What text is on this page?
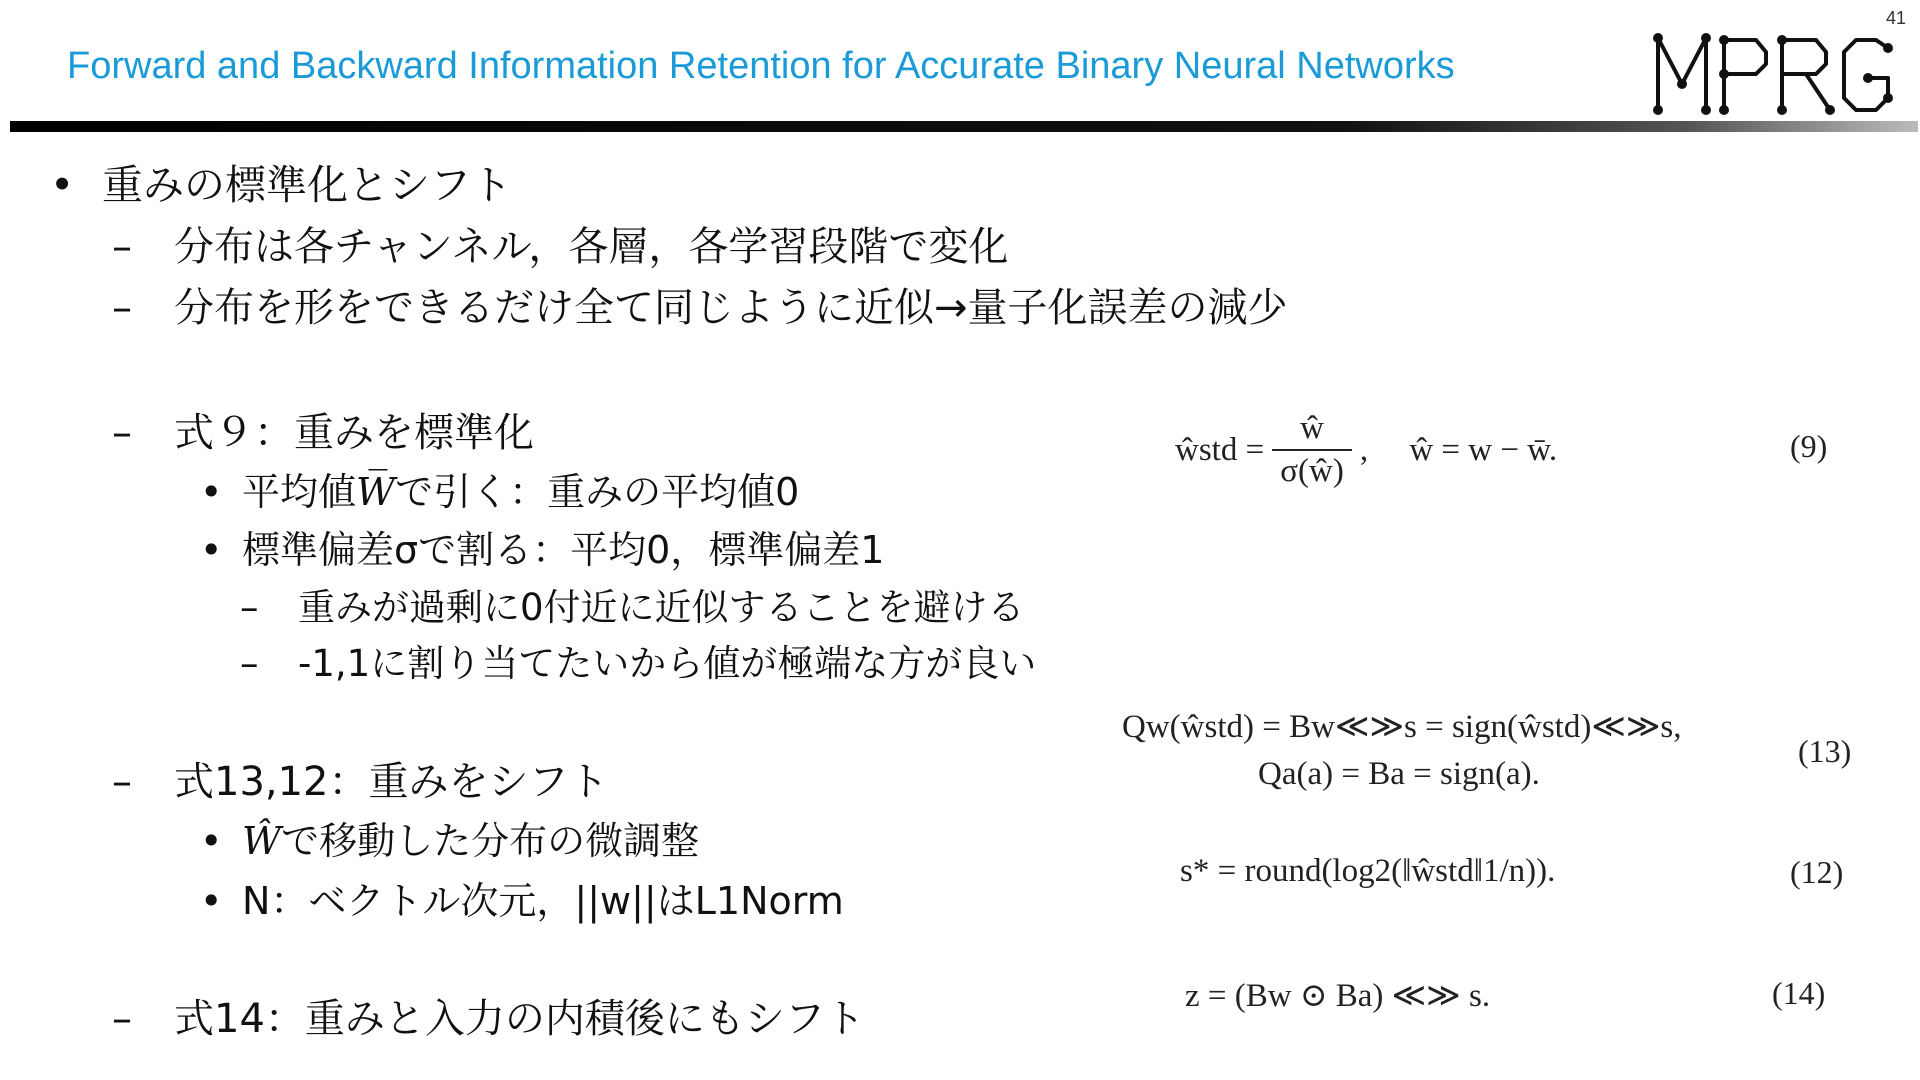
41
Forward and Backward Information Retention for Accurate Binary Neural Networks
• 重みの標準化とシフト
– 分布は各チャンネル，各層，各学習段階で変化
– 分布を形をできるだけ全て同じように近似→量子化誤差の減少
– 式９：重みを標準化
• 平均値W̅で引く：重みの平均値0
• 標準偏差σで割る：平均0，標準偏差1
– 重みが過剰に0付近に近似することを避ける
– -1,1に割り当てたいから値が極端な方が良い
– 式13,12：重みをシフト
• Ŵで移動した分布の微調整
• N：ベクトル次元，||w||はL1Norm
– 式14：重みと入力の内積後にもシフト
ŵstd =
ŵ
σ(ŵ)
,     ŵ = w − w̄.	(9)
Qw(ŵstd) = Bw≪≫s = sign(ŵstd)≪≫s,
Qa(a) = Ba = sign(a).
(13)
s* = round(log2(‖ŵstd‖1/n)).	(12)
z = (Bw ⊙ Ba) ≪≫ s.	(14)
